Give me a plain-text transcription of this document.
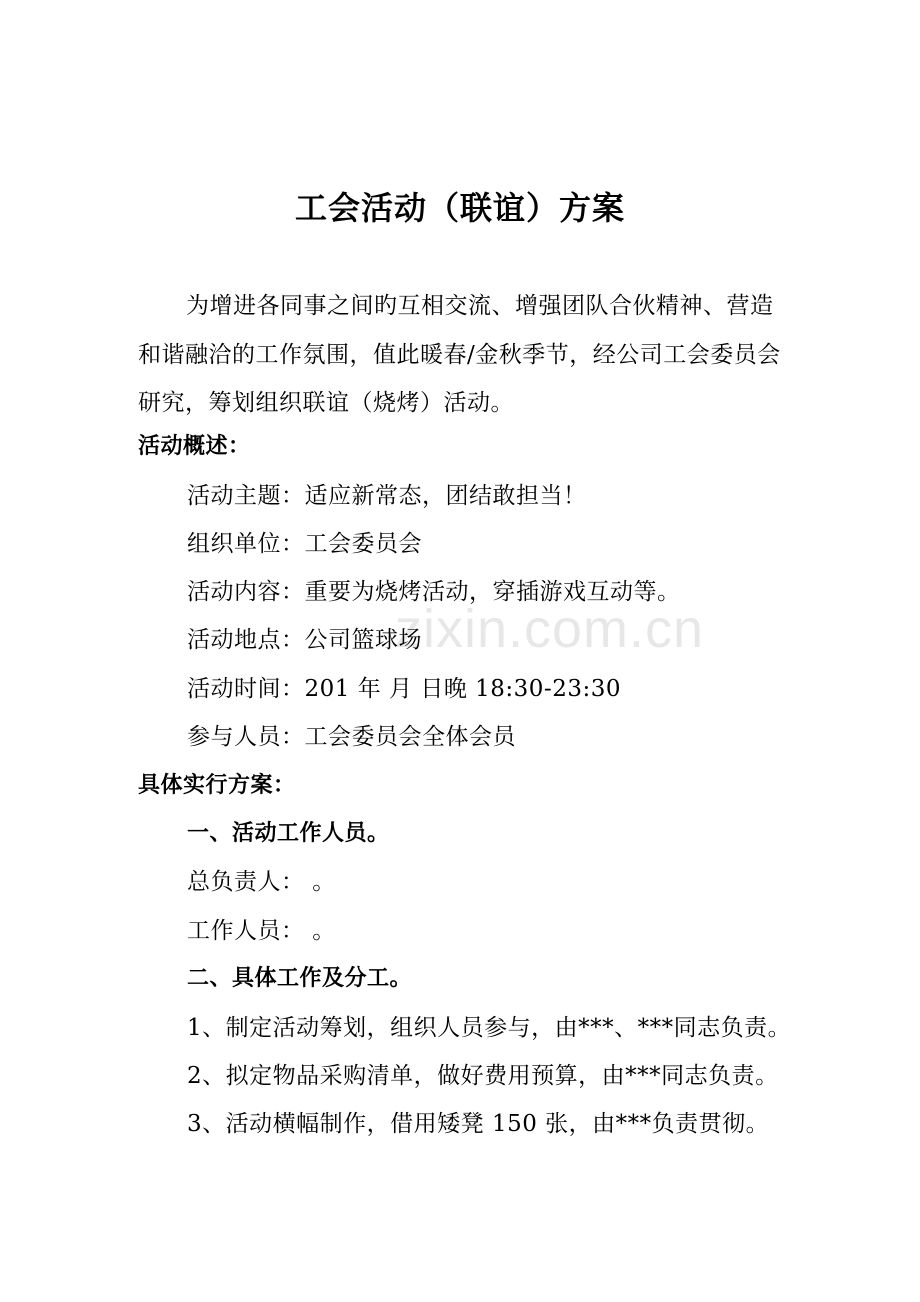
工会活动（联谊）方案

为增进各同事之间旳互相交流、增强团队合伙精神、营造和谐融洽的工作氛围，值此暖春/金秋季节，经公司工会委员会研究，筹划组织联谊（烧烤）活动。

活动概述：
活动主题：适应新常态，团结敢担当！
组织单位：工会委员会
活动内容：重要为烧烤活动，穿插游戏互动等。
活动地点：公司篮球场
活动时间：201 年 月 日晚 18:30-23:30
参与人员：工会委员会全体会员
具体实行方案：
一、活动工作人员。
总负责人： 。
工作人员： 。
二、具体工作及分工。
1、制定活动筹划，组织人员参与，由***、***同志负责。
2、拟定物品采购清单，做好费用预算，由***同志负责。
3、活动横幅制作，借用矮凳 150 张，由***负责贯彻。
zixin.com.cn
